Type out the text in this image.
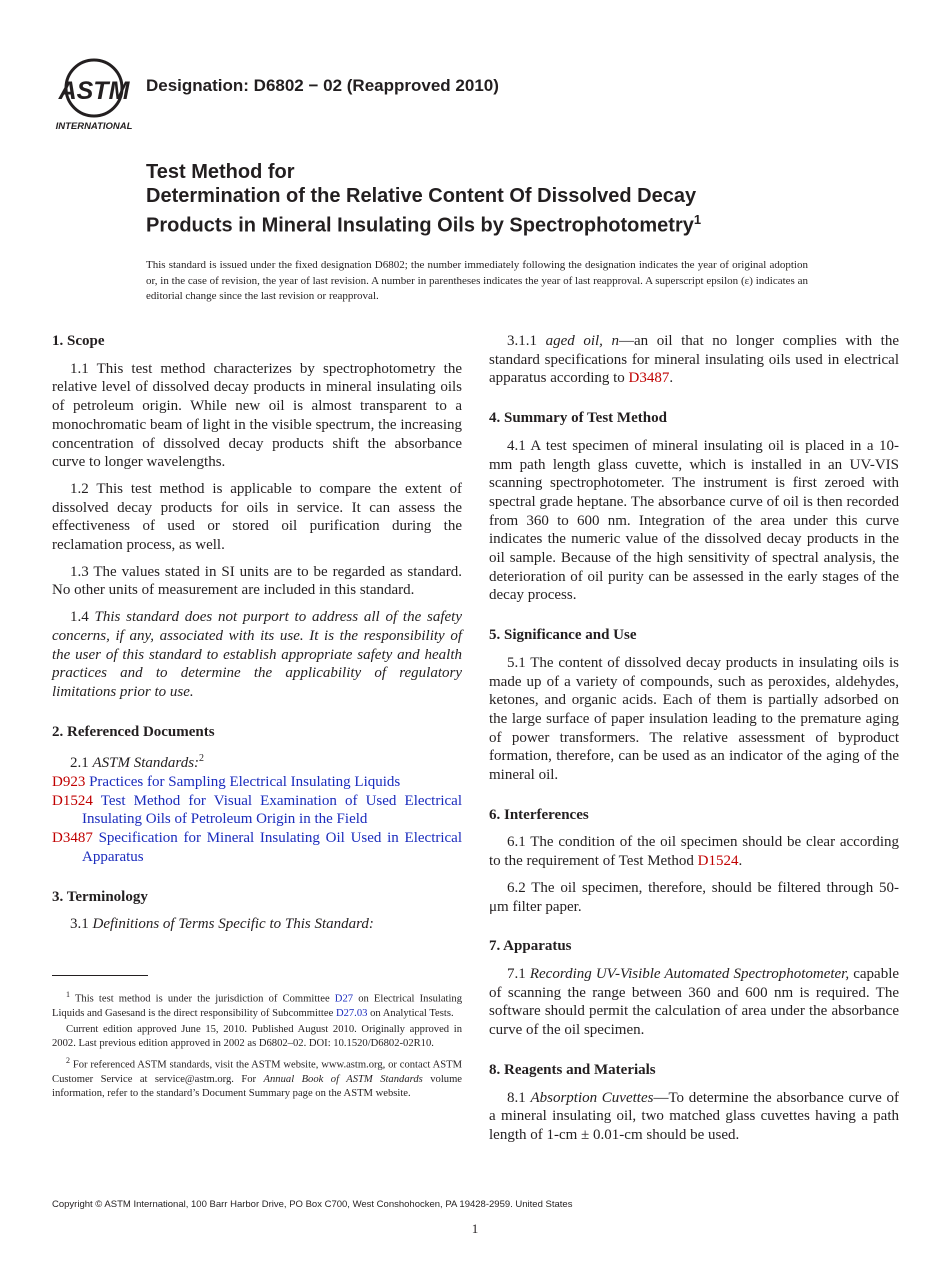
ASTM
INTERNATIONAL
Designation: D6802 − 02 (Reapproved 2010)
Test Method for
Determination of the Relative Content Of Dissolved Decay
Products in Mineral Insulating Oils by Spectrophotometry$^1$
This standard is issued under the fixed designation D6802; the number immediately following the designation indicates the year of original adoption or, in the case of revision, the year of last revision. A number in parentheses indicates the year of last reapproval. A superscript epsilon (ε) indicates an editorial change since the last revision or reapproval.
1. Scope

1.1 This test method characterizes by spectrophotometry the relative level of dissolved decay products in mineral insulating oils of petroleum origin. While new oil is almost transparent to a monochromatic beam of light in the visible spectrum, the increasing concentration of dissolved decay products shift the absorbance curve to longer wavelengths.

1.2 This test method is applicable to compare the extent of dissolved decay products for oils in service. It can assess the effectiveness of used or stored oil purification during the reclamation process, as well.

1.3 The values stated in SI units are to be regarded as standard. No other units of measurement are included in this standard.

1.4 This standard does not purport to address all of the safety concerns, if any, associated with its use. It is the responsibility of the user of this standard to establish appropriate safety and health practices and to determine the applicability of regulatory limitations prior to use.

2. Referenced Documents

2.1 ASTM Standards:$^2$

D923 Practices for Sampling Electrical Insulating Liquids
D1524 Test Method for Visual Examination of Used Electrical Insulating Oils of Petroleum Origin in the Field
D3487 Specification for Mineral Insulating Oil Used in Electrical Apparatus
3. Terminology

3.1 Definitions of Terms Specific to This Standard:

3.1.1 aged oil, n—an oil that no longer complies with the standard specifications for mineral insulating oils used in electrical apparatus according to D3487.

4. Summary of Test Method

4.1 A test specimen of mineral insulating oil is placed in a 10-mm path length glass cuvette, which is installed in an UV-VIS scanning spectrophotometer. The instrument is first zeroed with spectral grade heptane. The absorbance curve of oil is then recorded from 360 to 600 nm. Integration of the area under this curve indicates the numeric value of the dissolved decay products in the oil sample. Because of the high sensitivity of spectral analysis, the deterioration of oil purity can be assessed in the early stages of the decay process.

5. Significance and Use

5.1 The content of dissolved decay products in insulating oils is made up of a variety of compounds, such as peroxides, aldehydes, ketones, and organic acids. Each of them is partially adsorbed on the large surface of paper insulation leading to the premature aging of power transformers. The relative assessment of byproduct formation, therefore, can be used as an indicator of the aging of the mineral oil.

6. Interferences

6.1 The condition of the oil specimen should be clear according to the requirement of Test Method D1524.

6.2 The oil specimen, therefore, should be filtered through 50-μm filter paper.

7. Apparatus

7.1 Recording UV-Visible Automated Spectrophotometer, capable of scanning the range between 360 and 600 nm is required. The software should permit the calculation of area under the absorbance curve of the oil specimen.

8. Reagents and Materials

8.1 Absorption Cuvettes—To determine the absorbance curve of a mineral insulating oil, two matched glass cuvettes having a path length of 1-cm ± 0.01-cm should be used.

$^1$ This test method is under the jurisdiction of Committee D27 on Electrical Insulating Liquids and Gasesand is the direct responsibility of Subcommittee D27.03 on Analytical Tests.

Current edition approved June 15, 2010. Published August 2010. Originally approved in 2002. Last previous edition approved in 2002 as D6802–02. DOI: 10.1520/D6802-02R10.

$^2$ For referenced ASTM standards, visit the ASTM website, www.astm.org, or contact ASTM Customer Service at service@astm.org. For Annual Book of ASTM Standards volume information, refer to the standard’s Document Summary page on the ASTM website.

Copyright © ASTM International, 100 Barr Harbor Drive, PO Box C700, West Conshohocken, PA 19428-2959. United States
1
